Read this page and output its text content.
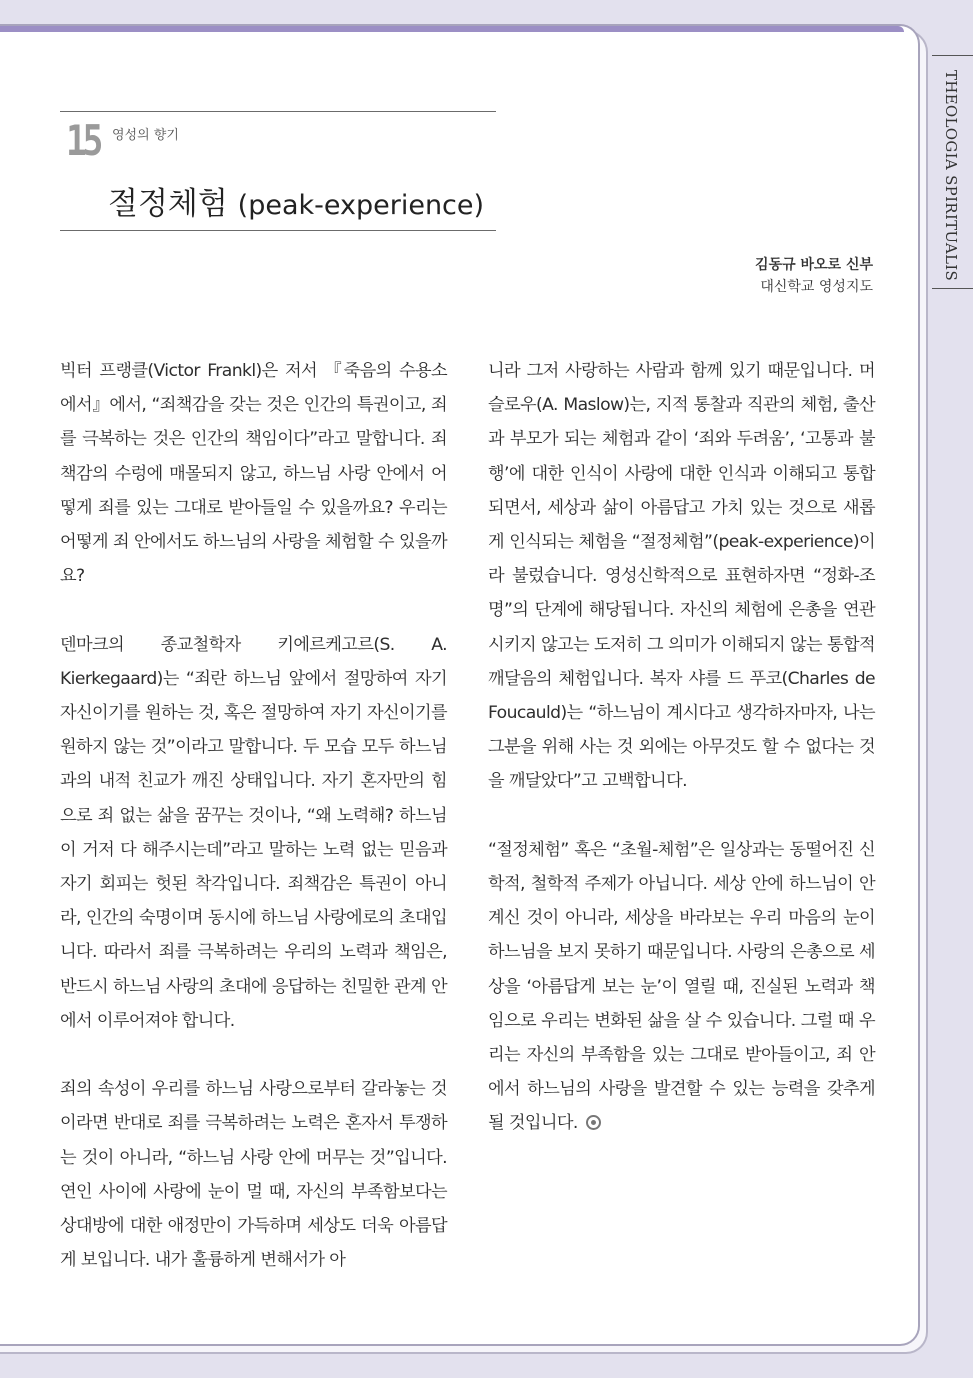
THEOLOGIA SPIRITUALIS
15 영성의 향기
절정체험 (peak-experience)
김동규 바오로 신부
대신학교 영성지도

빅터 프랭클(Victor Frankl)은 저서 『죽음의 수용소에서』에서, “죄책감을 갖는 것은 인간의 특권이고, 죄를 극복하는 것은 인간의 책임이다”라고 말합니다. 죄책감의 수렁에 매몰되지 않고, 하느님 사랑 안에서 어떻게 죄를 있는 그대로 받아들일 수 있을까요? 우리는 어떻게 죄 안에서도 하느님의 사랑을 체험할 수 있을까요?

덴마크의 종교철학자 키에르케고르(S. A. Kierkegaard)는 “죄란 하느님 앞에서 절망하여 자기 자신이기를 원하는 것, 혹은 절망하여 자기 자신이기를 원하지 않는 것”이라고 말합니다. 두 모습 모두 하느님과의 내적 친교가 깨진 상태입니다. 자기 혼자만의 힘으로 죄 없는 삶을 꿈꾸는 것이나, “왜 노력해? 하느님이 거저 다 해주시는데”라고 말하는 노력 없는 믿음과 자기 회피는 헛된 착각입니다. 죄책감은 특권이 아니라, 인간의 숙명이며 동시에 하느님 사랑에로의 초대입니다. 따라서 죄를 극복하려는 우리의 노력과 책임은, 반드시 하느님 사랑의 초대에 응답하는 친밀한 관계 안에서 이루어져야 합니다.

죄의 속성이 우리를 하느님 사랑으로부터 갈라놓는 것이라면 반대로 죄를 극복하려는 노력은 혼자서 투쟁하는 것이 아니라, “하느님 사랑 안에 머무는 것”입니다. 연인 사이에 사랑에 눈이 멀 때, 자신의 부족함보다는 상대방에 대한 애정만이 가득하며 세상도 더욱 아름답게 보입니다. 내가 훌륭하게 변해서가 아

니라 그저 사랑하는 사람과 함께 있기 때문입니다. 머슬로우(A. Maslow)는, 지적 통찰과 직관의 체험, 출산과 부모가 되는 체험과 같이 ‘죄와 두려움’, ‘고통과 불행’에 대한 인식이 사랑에 대한 인식과 이해되고 통합되면서, 세상과 삶이 아름답고 가치 있는 것으로 새롭게 인식되는 체험을 “절정체험”(peak-experience)이라 불렀습니다. 영성신학적으로 표현하자면 “정화-조명”의 단계에 해당됩니다. 자신의 체험에 은총을 연관시키지 않고는 도저히 그 의미가 이해되지 않는 통합적 깨달음의 체험입니다. 복자 샤를 드 푸코(Charles de Foucauld)는 “하느님이 계시다고 생각하자마자, 나는 그분을 위해 사는 것 외에는 아무것도 할 수 없다는 것을 깨달았다”고 고백합니다.

“절정체험” 혹은 “초월-체험”은 일상과는 동떨어진 신학적, 철학적 주제가 아닙니다. 세상 안에 하느님이 안 계신 것이 아니라, 세상을 바라보는 우리 마음의 눈이 하느님을 보지 못하기 때문입니다. 사랑의 은총으로 세상을 ‘아름답게 보는 눈’이 열릴 때, 진실된 노력과 책임으로 우리는 변화된 삶을 살 수 있습니다. 그럴 때 우리는 자신의 부족함을 있는 그대로 받아들이고, 죄 안에서 하느님의 사랑을 발견할 수 있는 능력을 갖추게 될 것입니다.
